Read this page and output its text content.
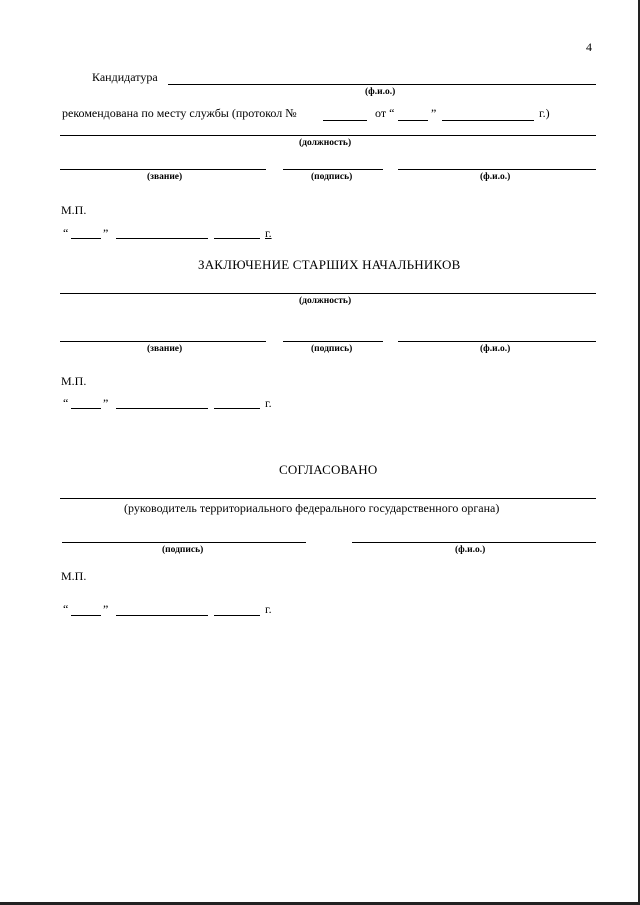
4
Кандидатура
(ф.и.о.)
рекомендована по месту службы (протокол №	от “	”	г.)
(должность)
(звание)	(подпись)	(ф.и.о.)
М.П.
“	”	г.
ЗАКЛЮЧЕНИЕ СТАРШИХ НАЧАЛЬНИКОВ
(должность)
(звание)	(подпись)	(ф.и.о.)
М.П.
“	”	г.
СОГЛАСОВАНО
(руководитель территориального федерального государственного органа)
(подпись)	(ф.и.о.)
М.П.
“	”	г.
